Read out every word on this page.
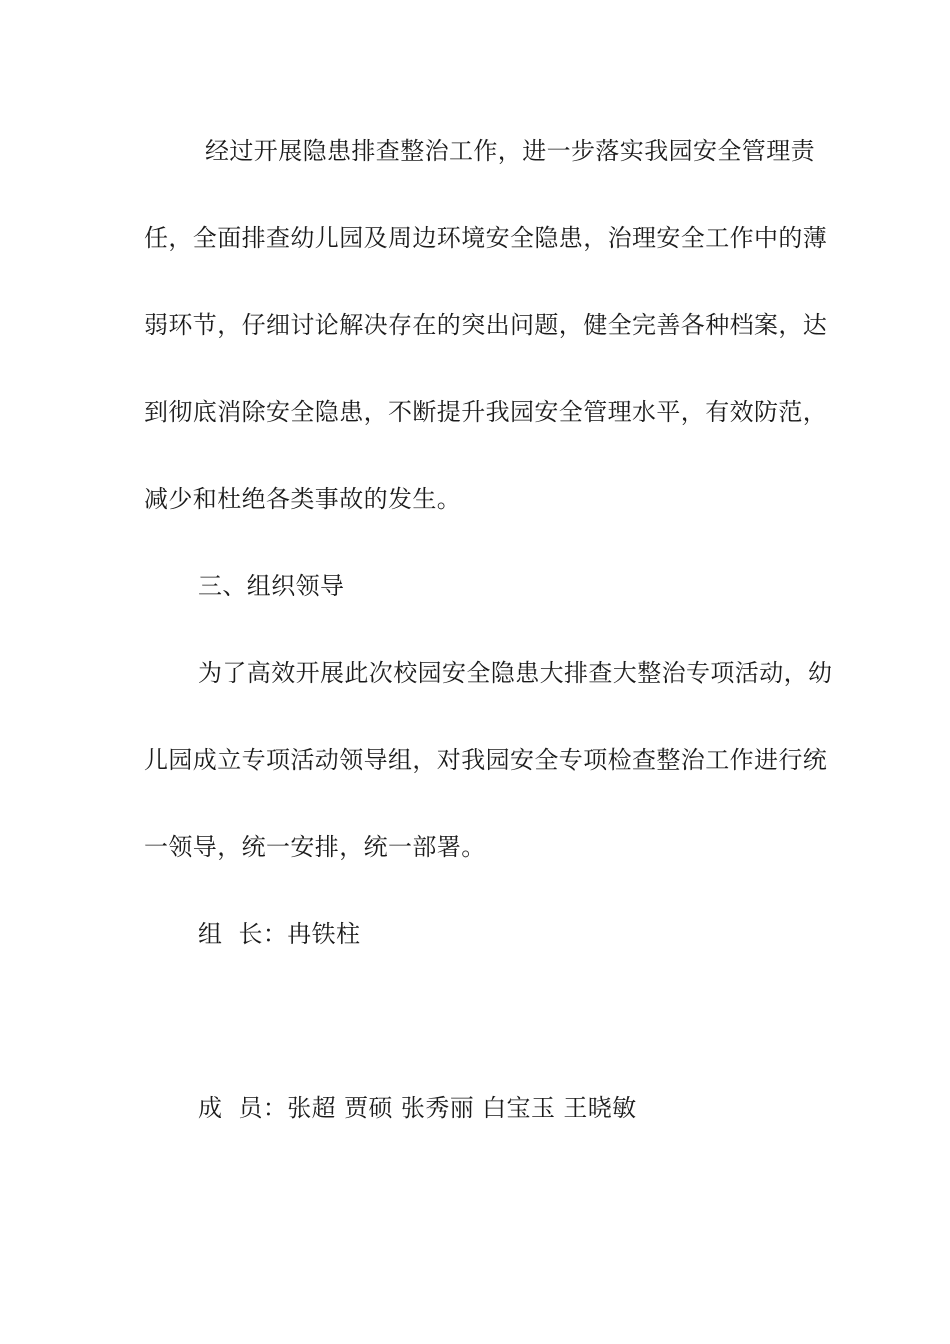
经过开展隐患排查整治工作，进一步落实我园安全管理责
任，全面排查幼儿园及周边环境安全隐患，治理安全工作中的薄
弱环节，仔细讨论解决存在的突出问题，健全完善各种档案，达
到彻底消除安全隐患，不断提升我园安全管理水平，有效防范，
减少和杜绝各类事故的发生。
三、组织领导
为了高效开展此次校园安全隐患大排查大整治专项活动，幼
儿园成立专项活动领导组，对我园安全专项检查整治工作进行统
一领导，统一安排，统一部署。
组  长：冉铁柱
成  员：张超 贾硕 张秀丽 白宝玉 王晓敏
